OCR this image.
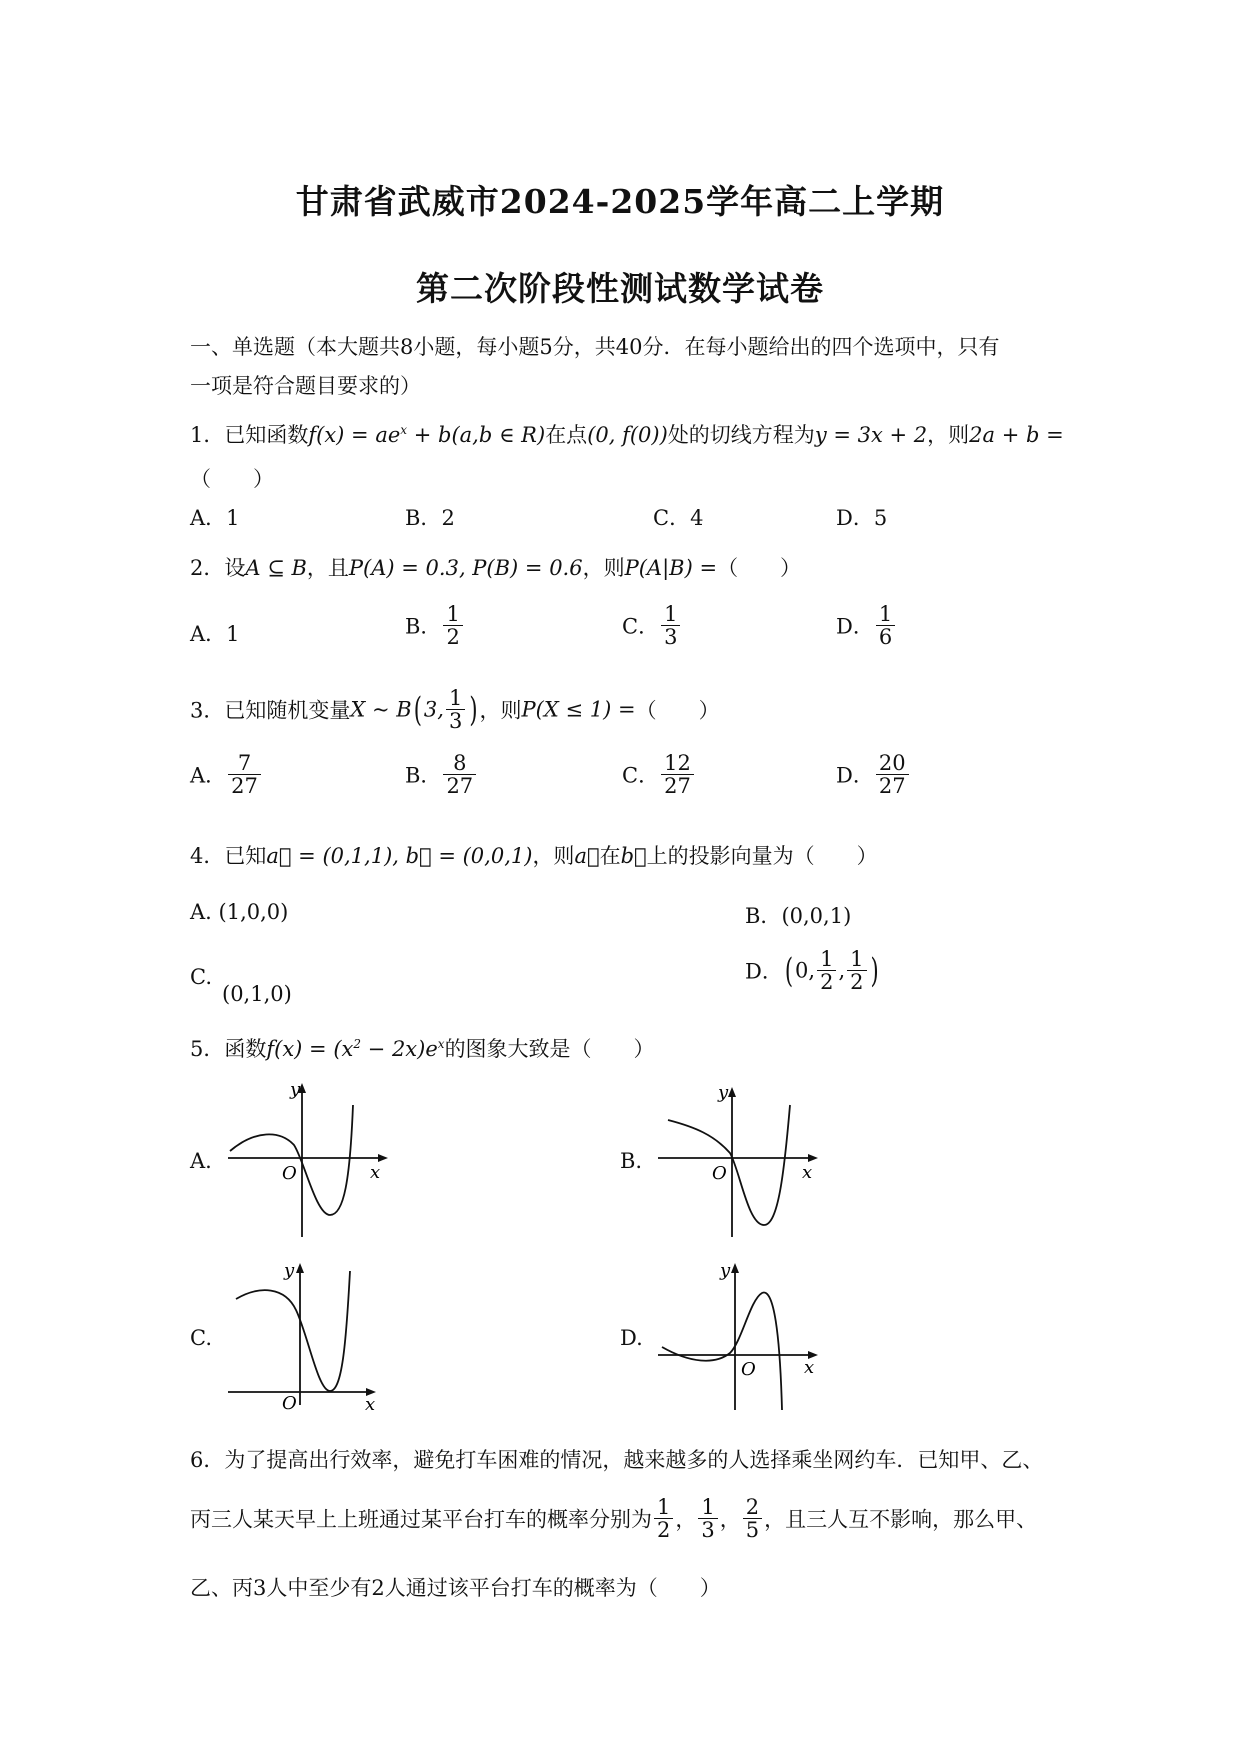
甘肃省武威市2024-2025学年高二上学期
第二次阶段性测试数学试卷
一、单选题（本大题共8小题，每小题5分，共40分．在每小题给出的四个选项中，只有
一项是符合题目要求的）
1．已知函数$f(x) = ae^x + b(a,b$ ∈ R)在点(0, f(0))处的切线方程为y = 3x + 2，则2a + b =
（　　）
A．1	B．2	C．4	D．5
2．设A ⊆ B，且P(A) = 0.3, P(B) = 0.6，则P(A|B) =（　　）
A．1	B． $\frac{1}{2}$	C． $\frac{1}{3}$	D． $\frac{1}{6}$
3．已知随机变量X ~ B(3, $\frac{1}{3}$ )，则P(X ≤ 1) =（　　）
A． $\frac{7}{27}$	B． $\frac{8}{27}$	C． $\frac{12}{27}$	D． $\frac{20}{27}$
4．已知a⃗ = (0,1,1), b⃗ = (0,0,1)，则a⃗在b⃗上的投影向量为（　　）
A. (1,0,0)	B．(0,0,1)
C.
(0,1,0)
D．(0, $\frac{1}{2}$ , $\frac{1}{2}$ )
5．函数$f(x) = (x^2 - 2x)e^x$的图象大致是（　　）
A.	B.
C.	D.
O	x
y
O	x
y
O	x
y
O	x
y
6．为了提高出行效率，避免打车困难的情况，越来越多的人选择乘坐网约车．已知甲、乙、
丙三人某天早上上班通过某平台打车的概率分别为 $\frac{1}{2}$ ， $\frac{1}{3}$ ， $\frac{2}{5}$ ，且三人互不影响，那么甲、
乙、丙3人中至少有2人通过该平台打车的概率为（　　）
